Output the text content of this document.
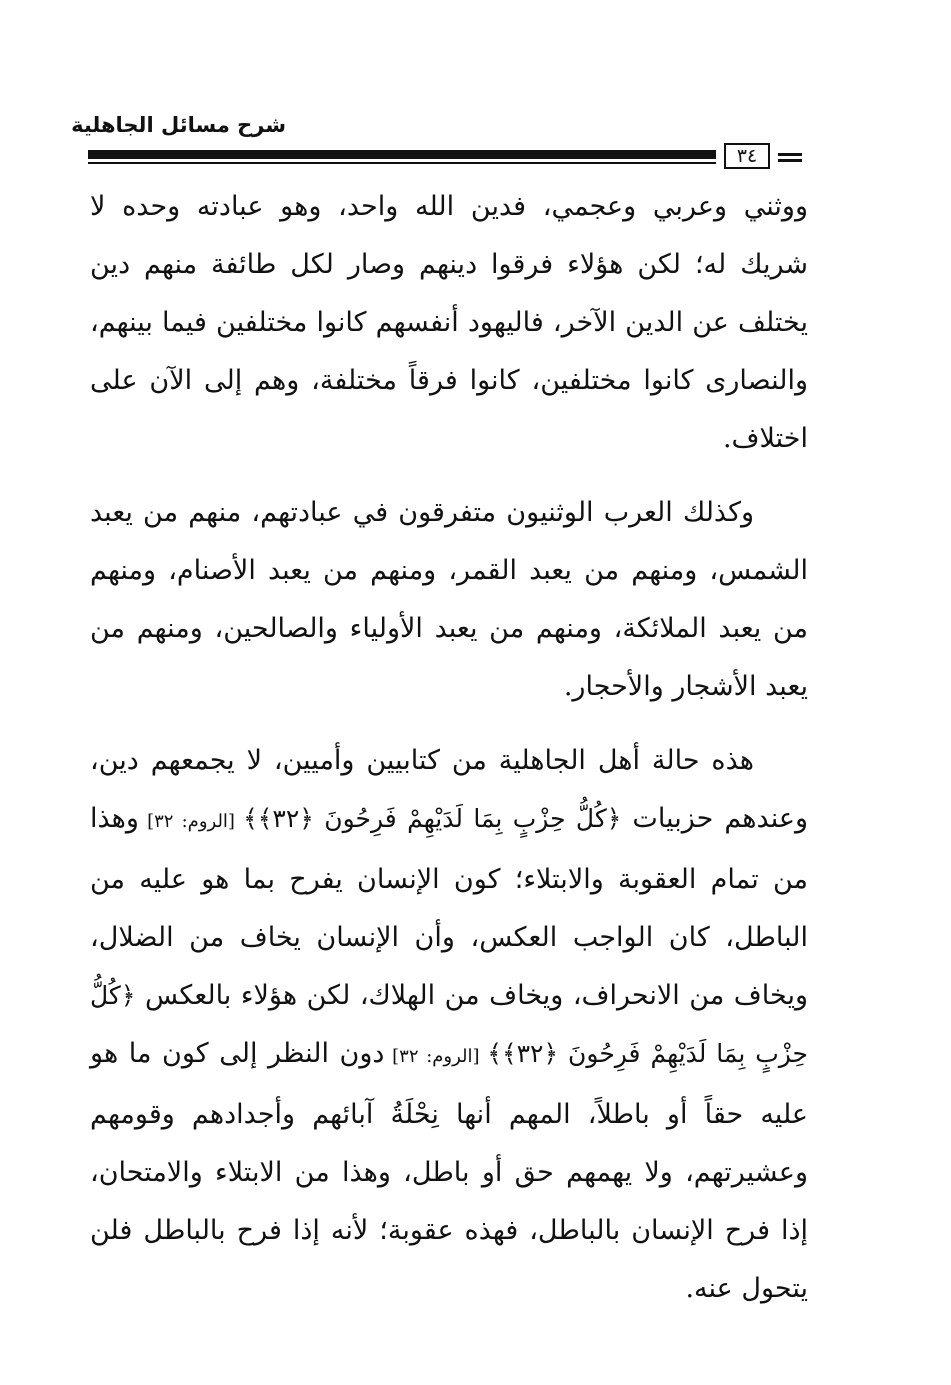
شرح مسائل الجاهلية
٣٤

ووثني وعربي وعجمي، فدين الله واحد، وهو عبادته وحده لا شريك له؛ لكن هؤلاء فرقوا دينهم وصار لكل طائفة منهم دين يختلف عن الدين الآخر، فاليهود أنفسهم كانوا مختلفين فيما بينهم، والنصارى كانوا مختلفين، كانوا فرقاً مختلفة، وهم إلى الآن على اختلاف.

وكذلك العرب الوثنيون متفرقون في عبادتهم، منهم من يعبد الشمس، ومنهم من يعبد القمر، ومنهم من يعبد الأصنام، ومنهم من يعبد الملائكة، ومنهم من يعبد الأولياء والصالحين، ومنهم من يعبد الأشجار والأحجار.

هذه حالة أهل الجاهلية من كتابيين وأميين، لا يجمعهم دين، وعندهم حزبيات ﴿كُلُّ حِزْبٍ بِمَا لَدَيْهِمْ فَرِحُونَ ﴿٣٢﴾﴾ [الروم: ٣٢] وهذا من تمام العقوبة والابتلاء؛ كون الإنسان يفرح بما هو عليه من الباطل، كان الواجب العكس، وأن الإنسان يخاف من الضلال، ويخاف من الانحراف، ويخاف من الهلاك، لكن هؤلاء بالعكس ﴿كُلُّ حِزْبٍ بِمَا لَدَيْهِمْ فَرِحُونَ ﴿٣٢﴾﴾ [الروم: ٣٢] دون النظر إلى كون ما هو عليه حقاً أو باطلاً، المهم أنها نِحْلَةُ آبائهم وأجدادهم وقومهم وعشيرتهم، ولا يهمهم حق أو باطل، وهذا من الابتلاء والامتحان، إذا فرح الإنسان بالباطل، فهذه عقوبة؛ لأنه إذا فرح بالباطل فلن يتحول عنه.
